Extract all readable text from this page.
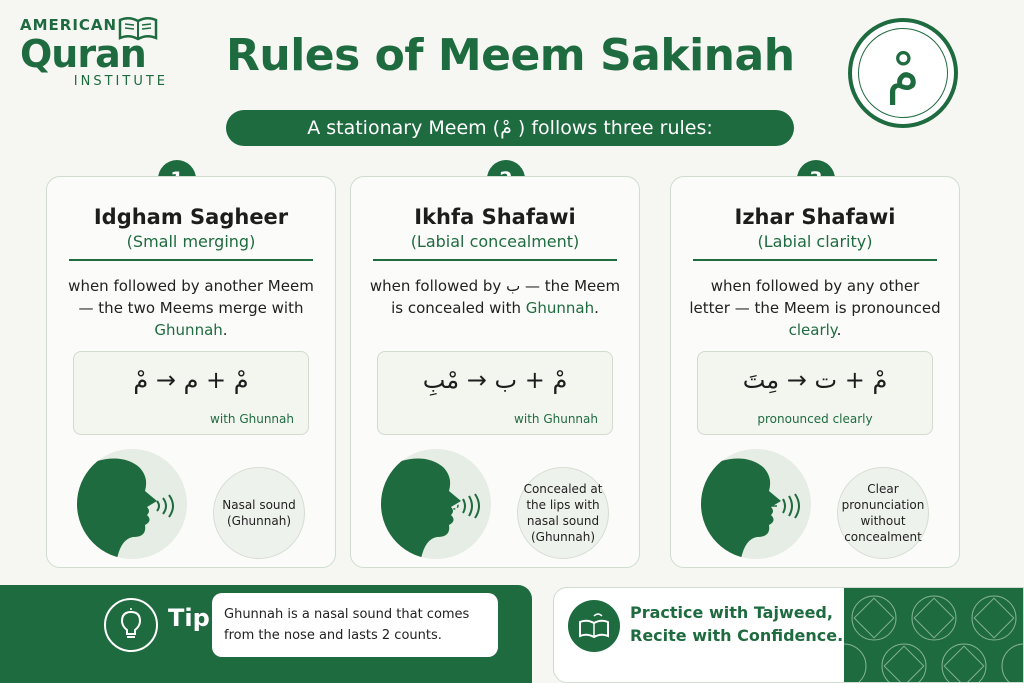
AMERICAN
Quran
INSTITUTE
Rules of Meem Sakinah	مْ
A stationary Meem (مْ ) follows three rules:
Idgham Sagheer
(Small merging)
when followed by another Meem — the two Meems merge with Ghunnah.
مْ + م → مْ
with Ghunnah
Nasal sound (Ghunnah)
Ikhfa Shafawi
(Labial concealment)
when followed by ب — the Meem is concealed with Ghunnah.
مْ + ب → مْبِ
with Ghunnah
Concealed at the lips with nasal sound (Ghunnah)
Izhar Shafawi
(Labial clarity)
when followed by any other letter — the Meem is pronounced clearly.
مْ + ت → مِتَ
pronounced clearly
Clear pronunciation without concealment
Tip	Ghunnah is a nasal sound that comes from the nose and lasts 2 counts.
Practice with Tajweed,
Recite with Confidence.
